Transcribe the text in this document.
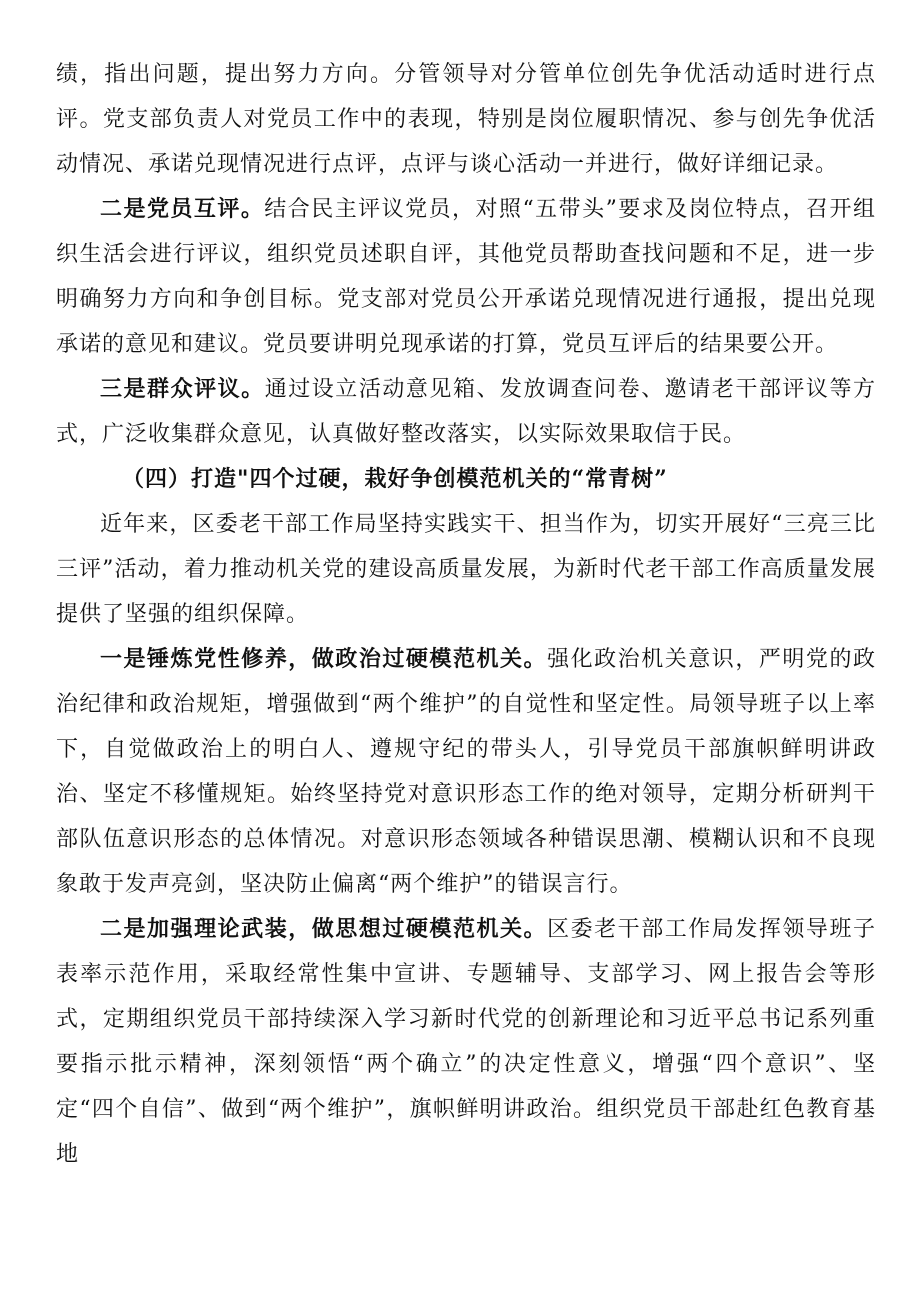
绩，指出问题，提出努力方向。分管领导对分管单位创先争优活动适时进行点评。党支部负责人对党员工作中的表现，特别是岗位履职情况、参与创先争优活动情况、承诺兑现情况进行点评，点评与谈心活动一并进行，做好详细记录。

二是党员互评。结合民主评议党员，对照“五带头”要求及岗位特点，召开组织生活会进行评议，组织党员述职自评，其他党员帮助查找问题和不足，进一步明确努力方向和争创目标。党支部对党员公开承诺兑现情况进行通报，提出兑现承诺的意见和建议。党员要讲明兑现承诺的打算，党员互评后的结果要公开。

三是群众评议。通过设立活动意见箱、发放调查问卷、邀请老干部评议等方式，广泛收集群众意见，认真做好整改落实，以实际效果取信于民。

（四）打造"四个过硬，栽好争创模范机关的“常青树”

近年来，区委老干部工作局坚持实践实干、担当作为，切实开展好“三亮三比三评”活动，着力推动机关党的建设高质量发展，为新时代老干部工作高质量发展提供了坚强的组织保障。

一是锤炼党性修养，做政治过硬模范机关。强化政治机关意识，严明党的政治纪律和政治规矩，增强做到“两个维护”的自觉性和坚定性。局领导班子以上率下，自觉做政治上的明白人、遵规守纪的带头人，引导党员干部旗帜鲜明讲政治、坚定不移懂规矩。始终坚持党对意识形态工作的绝对领导，定期分析研判干部队伍意识形态的总体情况。对意识形态领域各种错误思潮、模糊认识和不良现象敢于发声亮剑，坚决防止偏离“两个维护”的错误言行。

二是加强理论武装，做思想过硬模范机关。区委老干部工作局发挥领导班子表率示范作用，采取经常性集中宣讲、专题辅导、支部学习、网上报告会等形式，定期组织党员干部持续深入学习新时代党的创新理论和习近平总书记系列重要指示批示精神，深刻领悟“两个确立”的决定性意义，增强“四个意识”、坚定“四个自信”、做到“两个维护”，旗帜鲜明讲政治。组织党员干部赴红色教育基地
